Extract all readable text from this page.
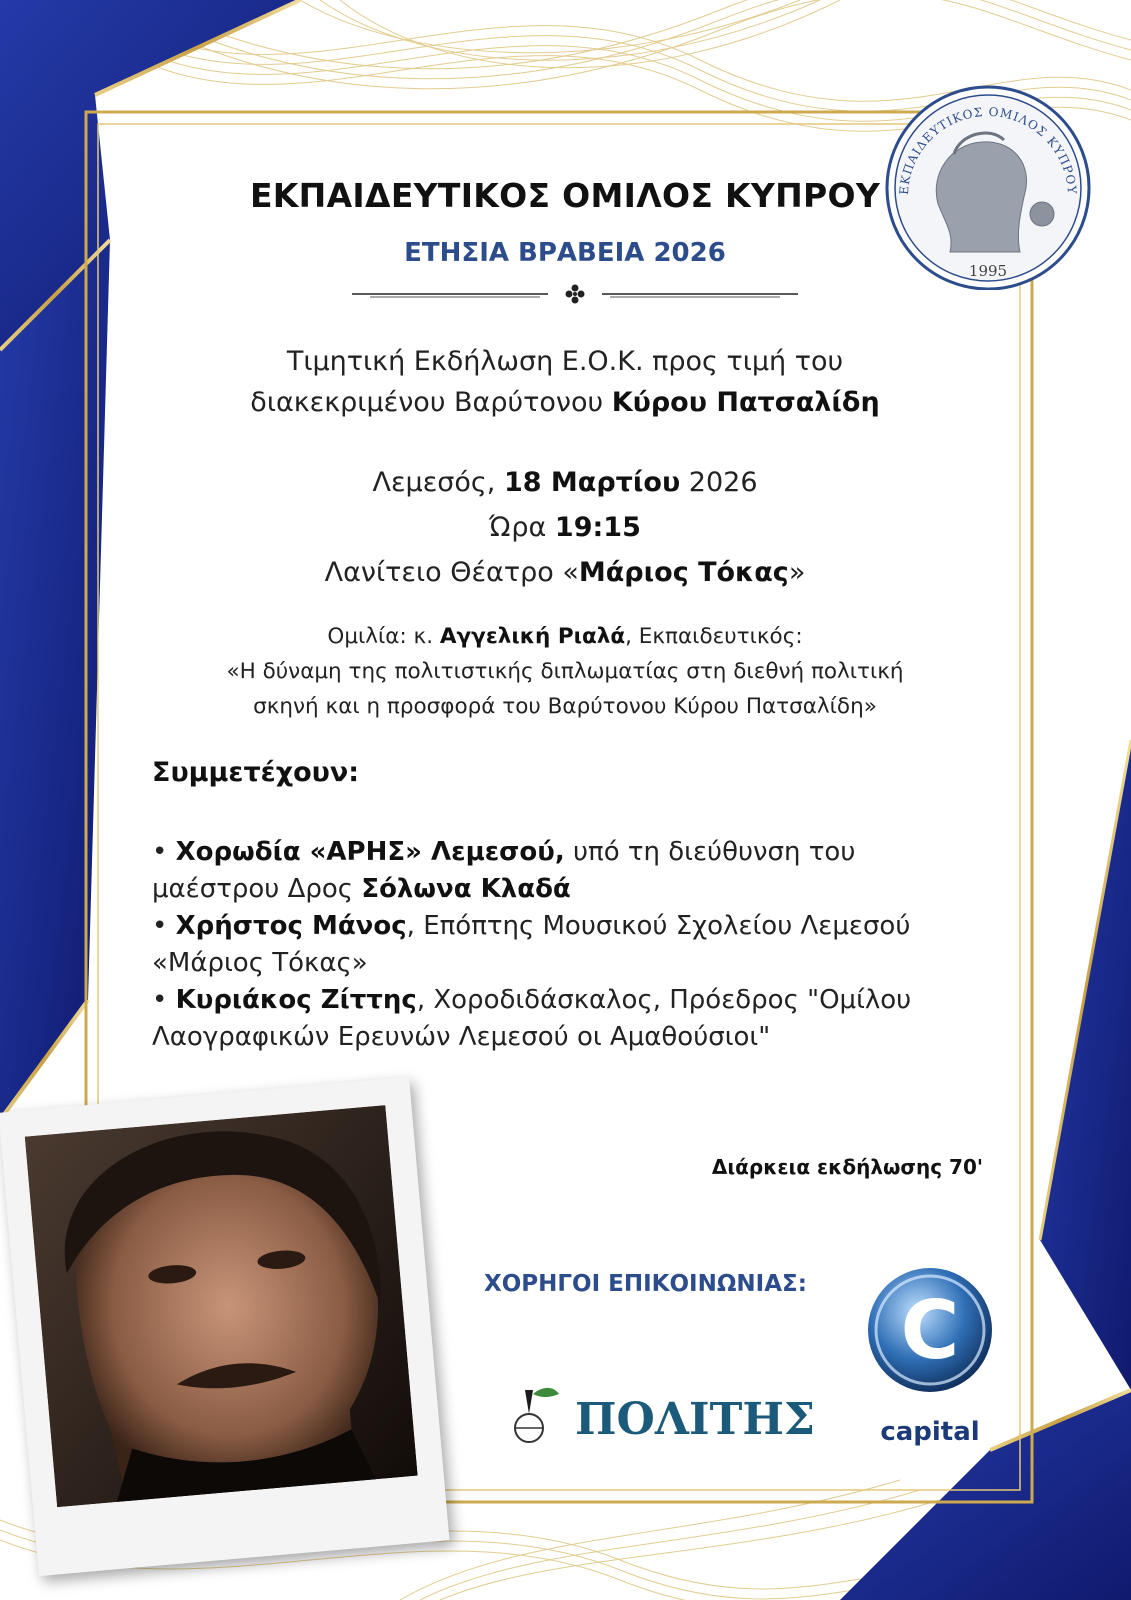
ΕΚΠΑΙΔΕΥΤΙΚΟΣ ΟΜΙΛΟΣ ΚΥΠΡΟΥ
1995
ΕΚΠΑΙΔΕΥΤΙΚΟΣ ΟΜΙΛΟΣ ΚΥΠΡΟΥ
ΕΤΗΣΙΑ ΒΡΑΒΕΙΑ 2026
Τιμητική Εκδήλωση Ε.Ο.Κ. προς τιμή του
διακεκριμένου Βαρύτονου Κύρου Πατσαλίδη
Λεμεσός, 18 Μαρτίου 2026
Ώρα 19:15
Λανίτειο Θέατρο «Μάριος Τόκας»
Ομιλία: κ. Αγγελική Ριαλά, Εκπαιδευτικός:
«Η δύναμη της πολιτιστικής διπλωματίας στη διεθνή πολιτική
σκηνή και η προσφορά του Βαρύτονου Κύρου Πατσαλίδη»
Συμμετέχουν:

• Χορωδία «ΑΡΗΣ» Λεμεσού, υπό τη διεύθυνση του μαέστρου Δρος Σόλωνα Κλαδά

• Χρήστος Μάνος, Επόπτης Μουσικού Σχολείου Λεμεσού «Μάριος Τόκας»

• Κυριάκος Ζίττης, Χοροδιδάσκαλος, Πρόεδρος "Ομίλου Λαογραφικών Ερευνών Λεμεσού οι Αμαθούσιοι"

Διάρκεια εκδήλωσης 70'
ΧΟΡΗΓΟΙ ΕΠΙΚΟΙΝΩΝΙΑΣ:
ΠΟΛΙΤΗΣ
C
capital
